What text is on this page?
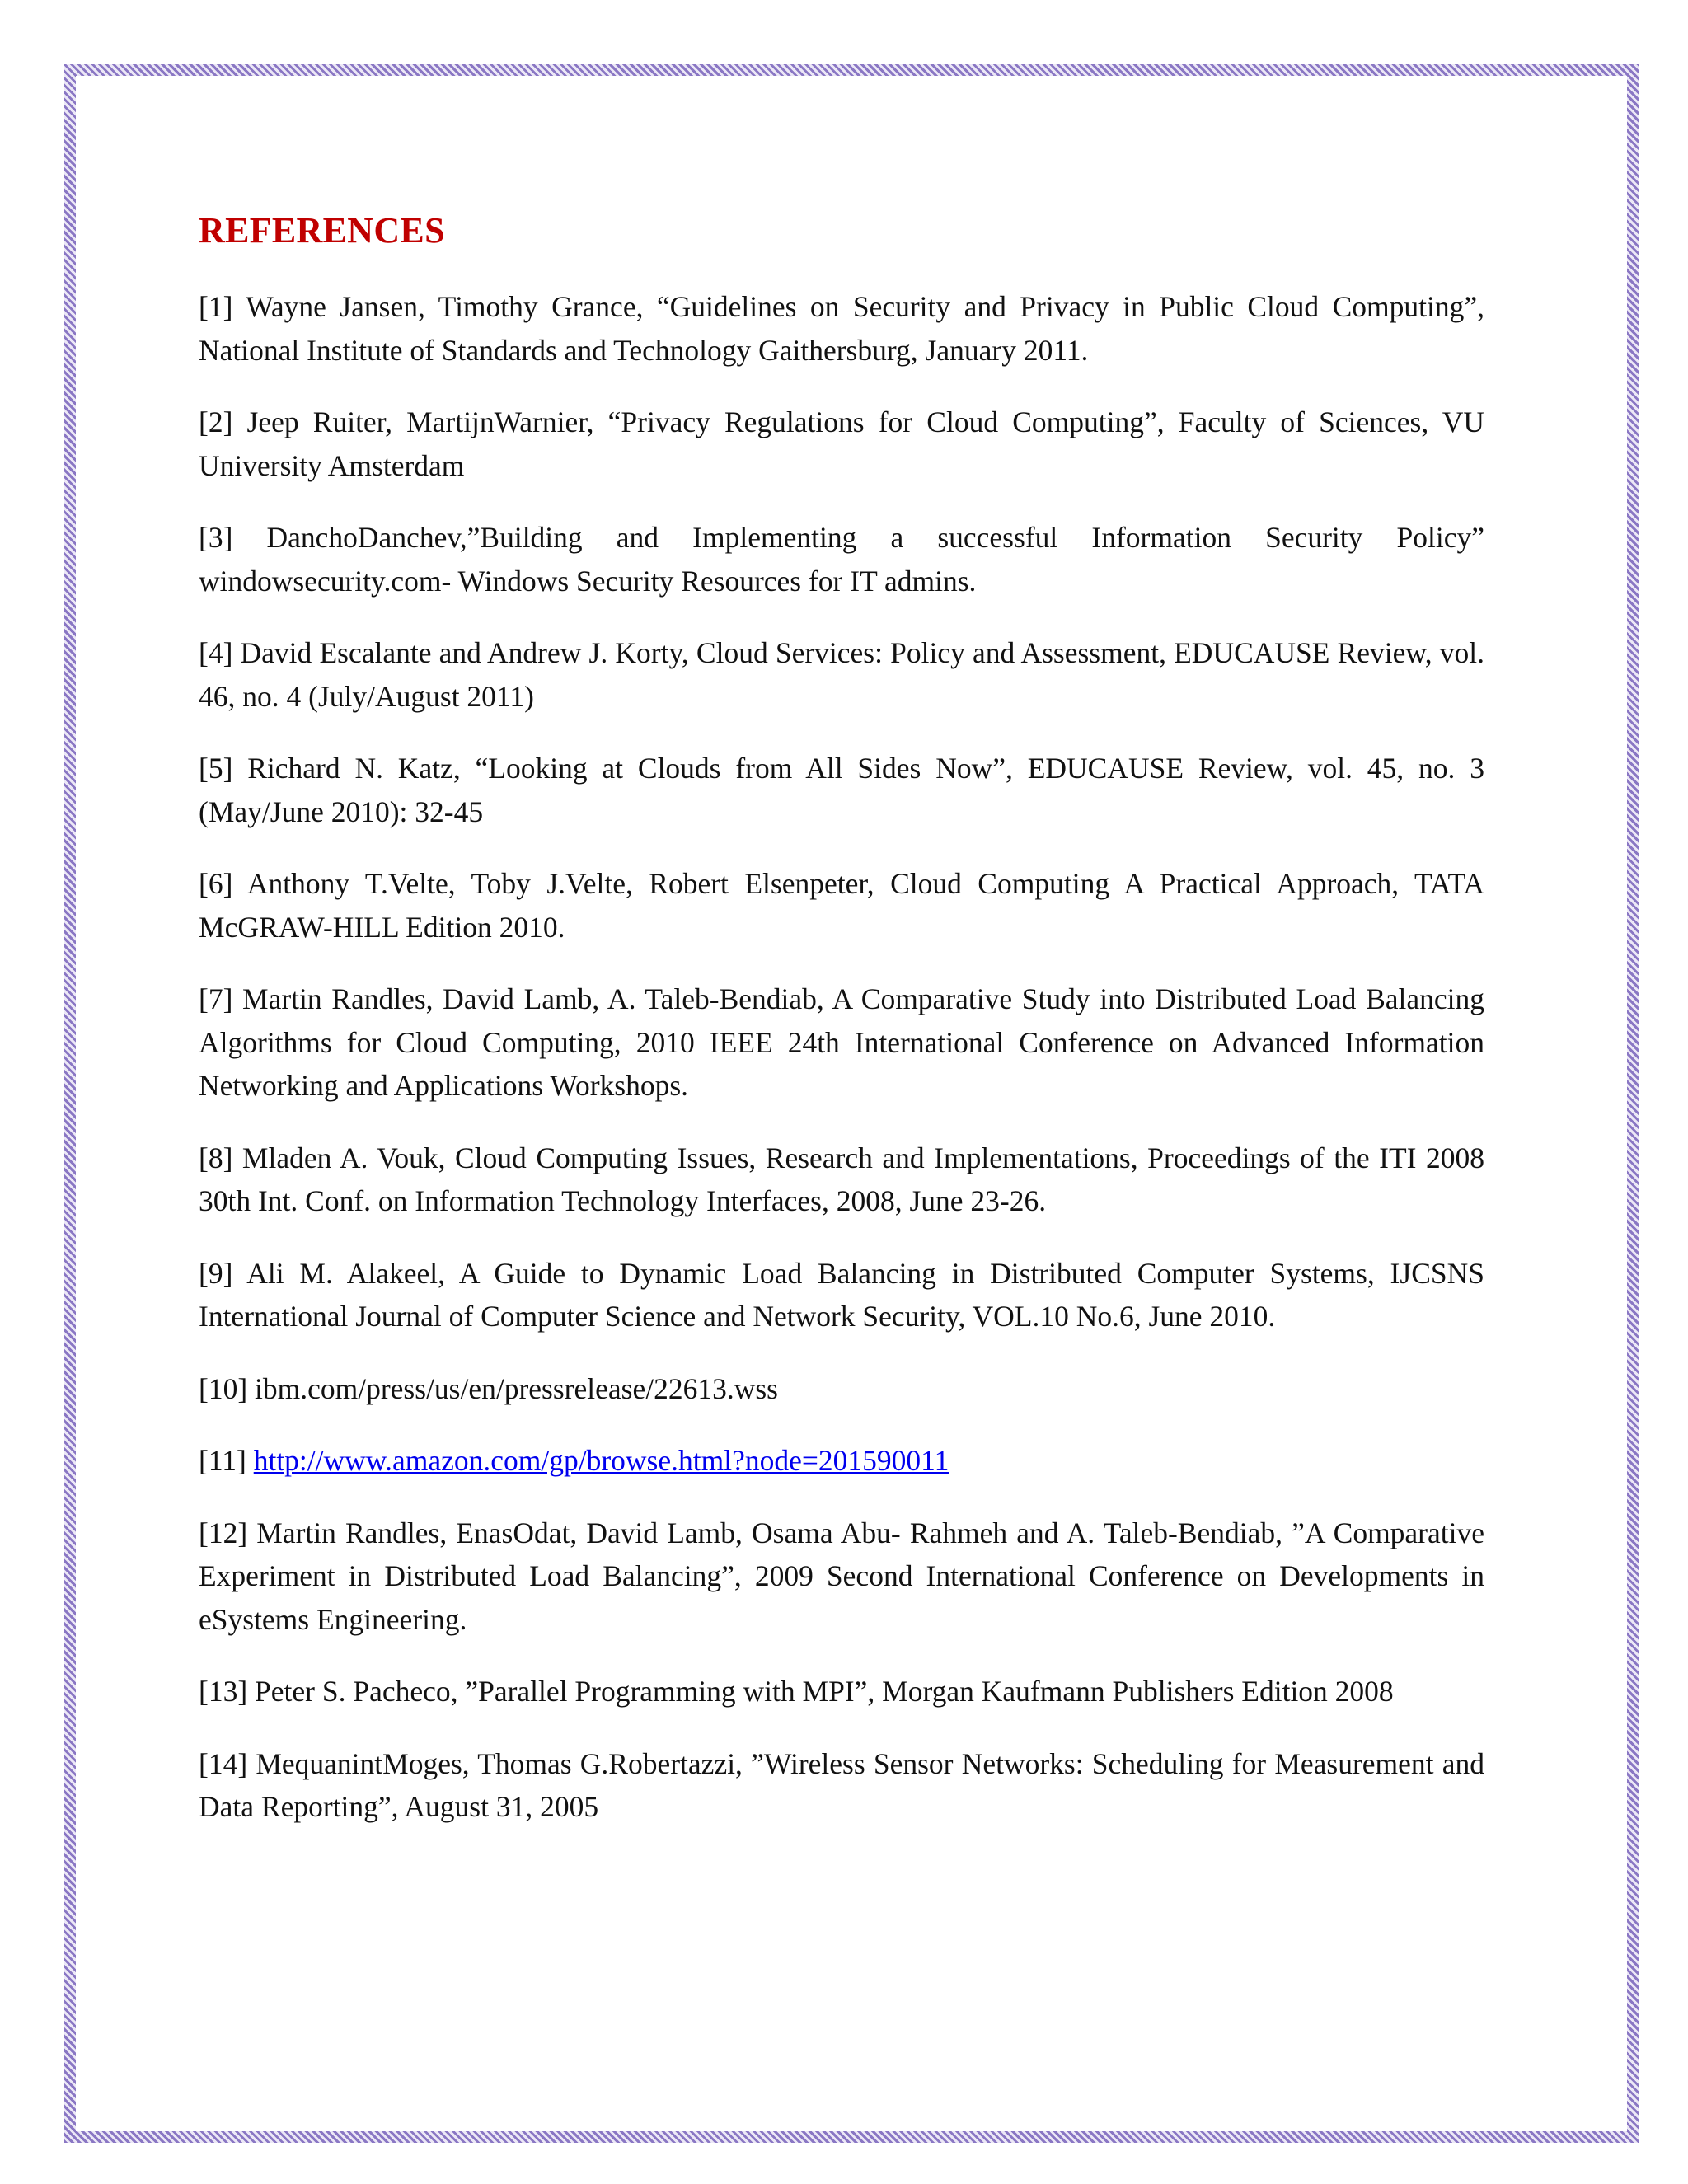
REFERENCES
[1] Wayne Jansen, Timothy Grance, “Guidelines on Security and Privacy in Public Cloud Computing”, National Institute of Standards and Technology Gaithersburg, January 2011.
[2] Jeep Ruiter, MartijnWarnier, “Privacy Regulations for Cloud Computing”, Faculty of Sciences, VU University Amsterdam
[3] DanchoDanchev,”Building and Implementing a successful Information Security Policy” windowsecurity.com- Windows Security Resources for IT admins.
[4] David Escalante and Andrew J. Korty, Cloud Services: Policy and Assessment, EDUCAUSE Review, vol. 46, no. 4 (July/August 2011)
[5] Richard N. Katz, “Looking at Clouds from All Sides Now”, EDUCAUSE Review, vol. 45, no. 3 (May/June 2010): 32-45
[6] Anthony T.Velte, Toby J.Velte, Robert Elsenpeter, Cloud Computing A Practical Approach, TATA McGRAW-HILL Edition 2010.
[7] Martin Randles, David Lamb, A. Taleb-Bendiab, A Comparative Study into Distributed Load Balancing Algorithms for Cloud Computing, 2010 IEEE 24th International Conference on Advanced Information Networking and Applications Workshops.
[8] Mladen A. Vouk, Cloud Computing Issues, Research and Implementations, Proceedings of the ITI 2008 30th Int. Conf. on Information Technology Interfaces, 2008, June 23-26.
[9] Ali M. Alakeel, A Guide to Dynamic Load Balancing in Distributed Computer Systems, IJCSNS International Journal of Computer Science and Network Security, VOL.10 No.6, June 2010.
[10] ibm.com/press/us/en/pressrelease/22613.wss
[11] http://www.amazon.com/gp/browse.html?node=201590011
[12] Martin Randles, EnasOdat, David Lamb, Osama Abu- Rahmeh and A. Taleb-Bendiab, ”A Comparative Experiment in Distributed Load Balancing”, 2009 Second International Conference on Developments in eSystems Engineering.
[13] Peter S. Pacheco, ”Parallel Programming with MPI”, Morgan Kaufmann Publishers Edition 2008
[14] MequanintMoges, Thomas G.Robertazzi, ”Wireless Sensor Networks: Scheduling for Measurement and Data Reporting”, August 31, 2005
